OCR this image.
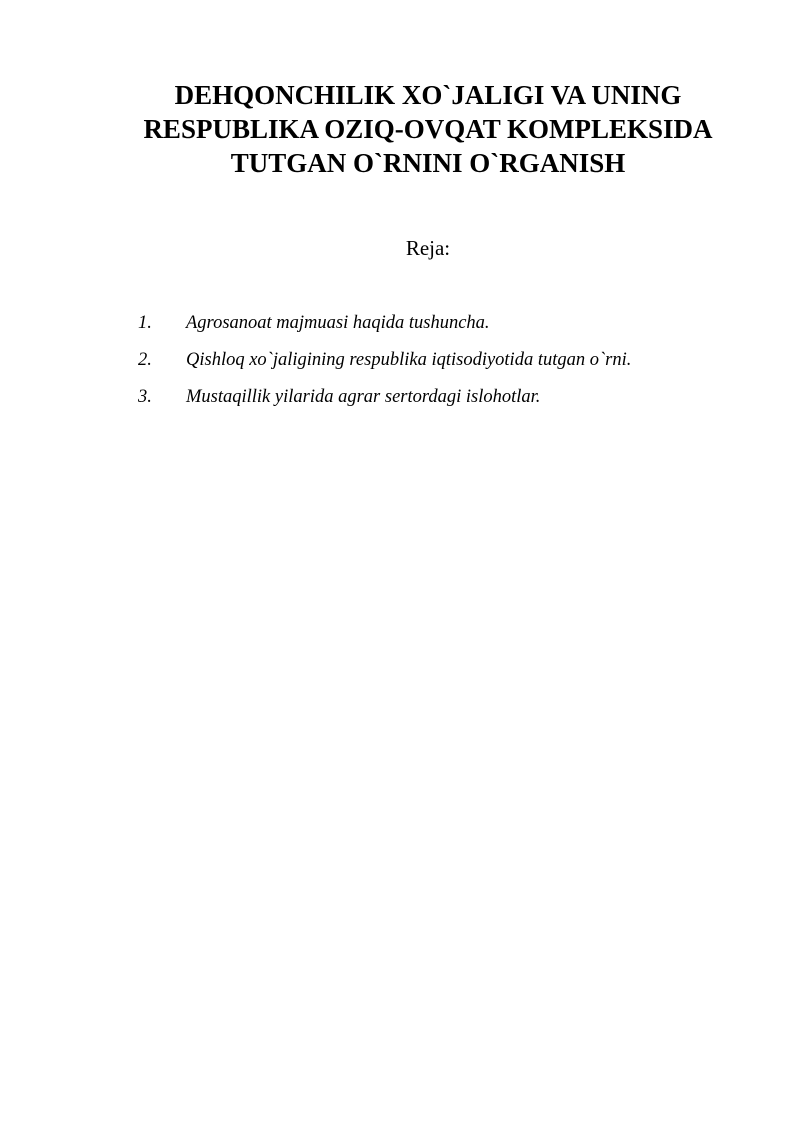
DEHQONCHILIK XO`JALIGI VA UNING
RESPUBLIKA OZIQ-OVQAT KOMPLEKSIDA
TUTGAN O`RNINI O`RGANISH
Reja:
1.	Agrosanoat majmuasi haqida tushuncha.
2.	Qishloq xo`jaligining respublika iqtisodiyotida tutgan o`rni.
3.	Mustaqillik yilarida agrar sertordagi islohotlar.
